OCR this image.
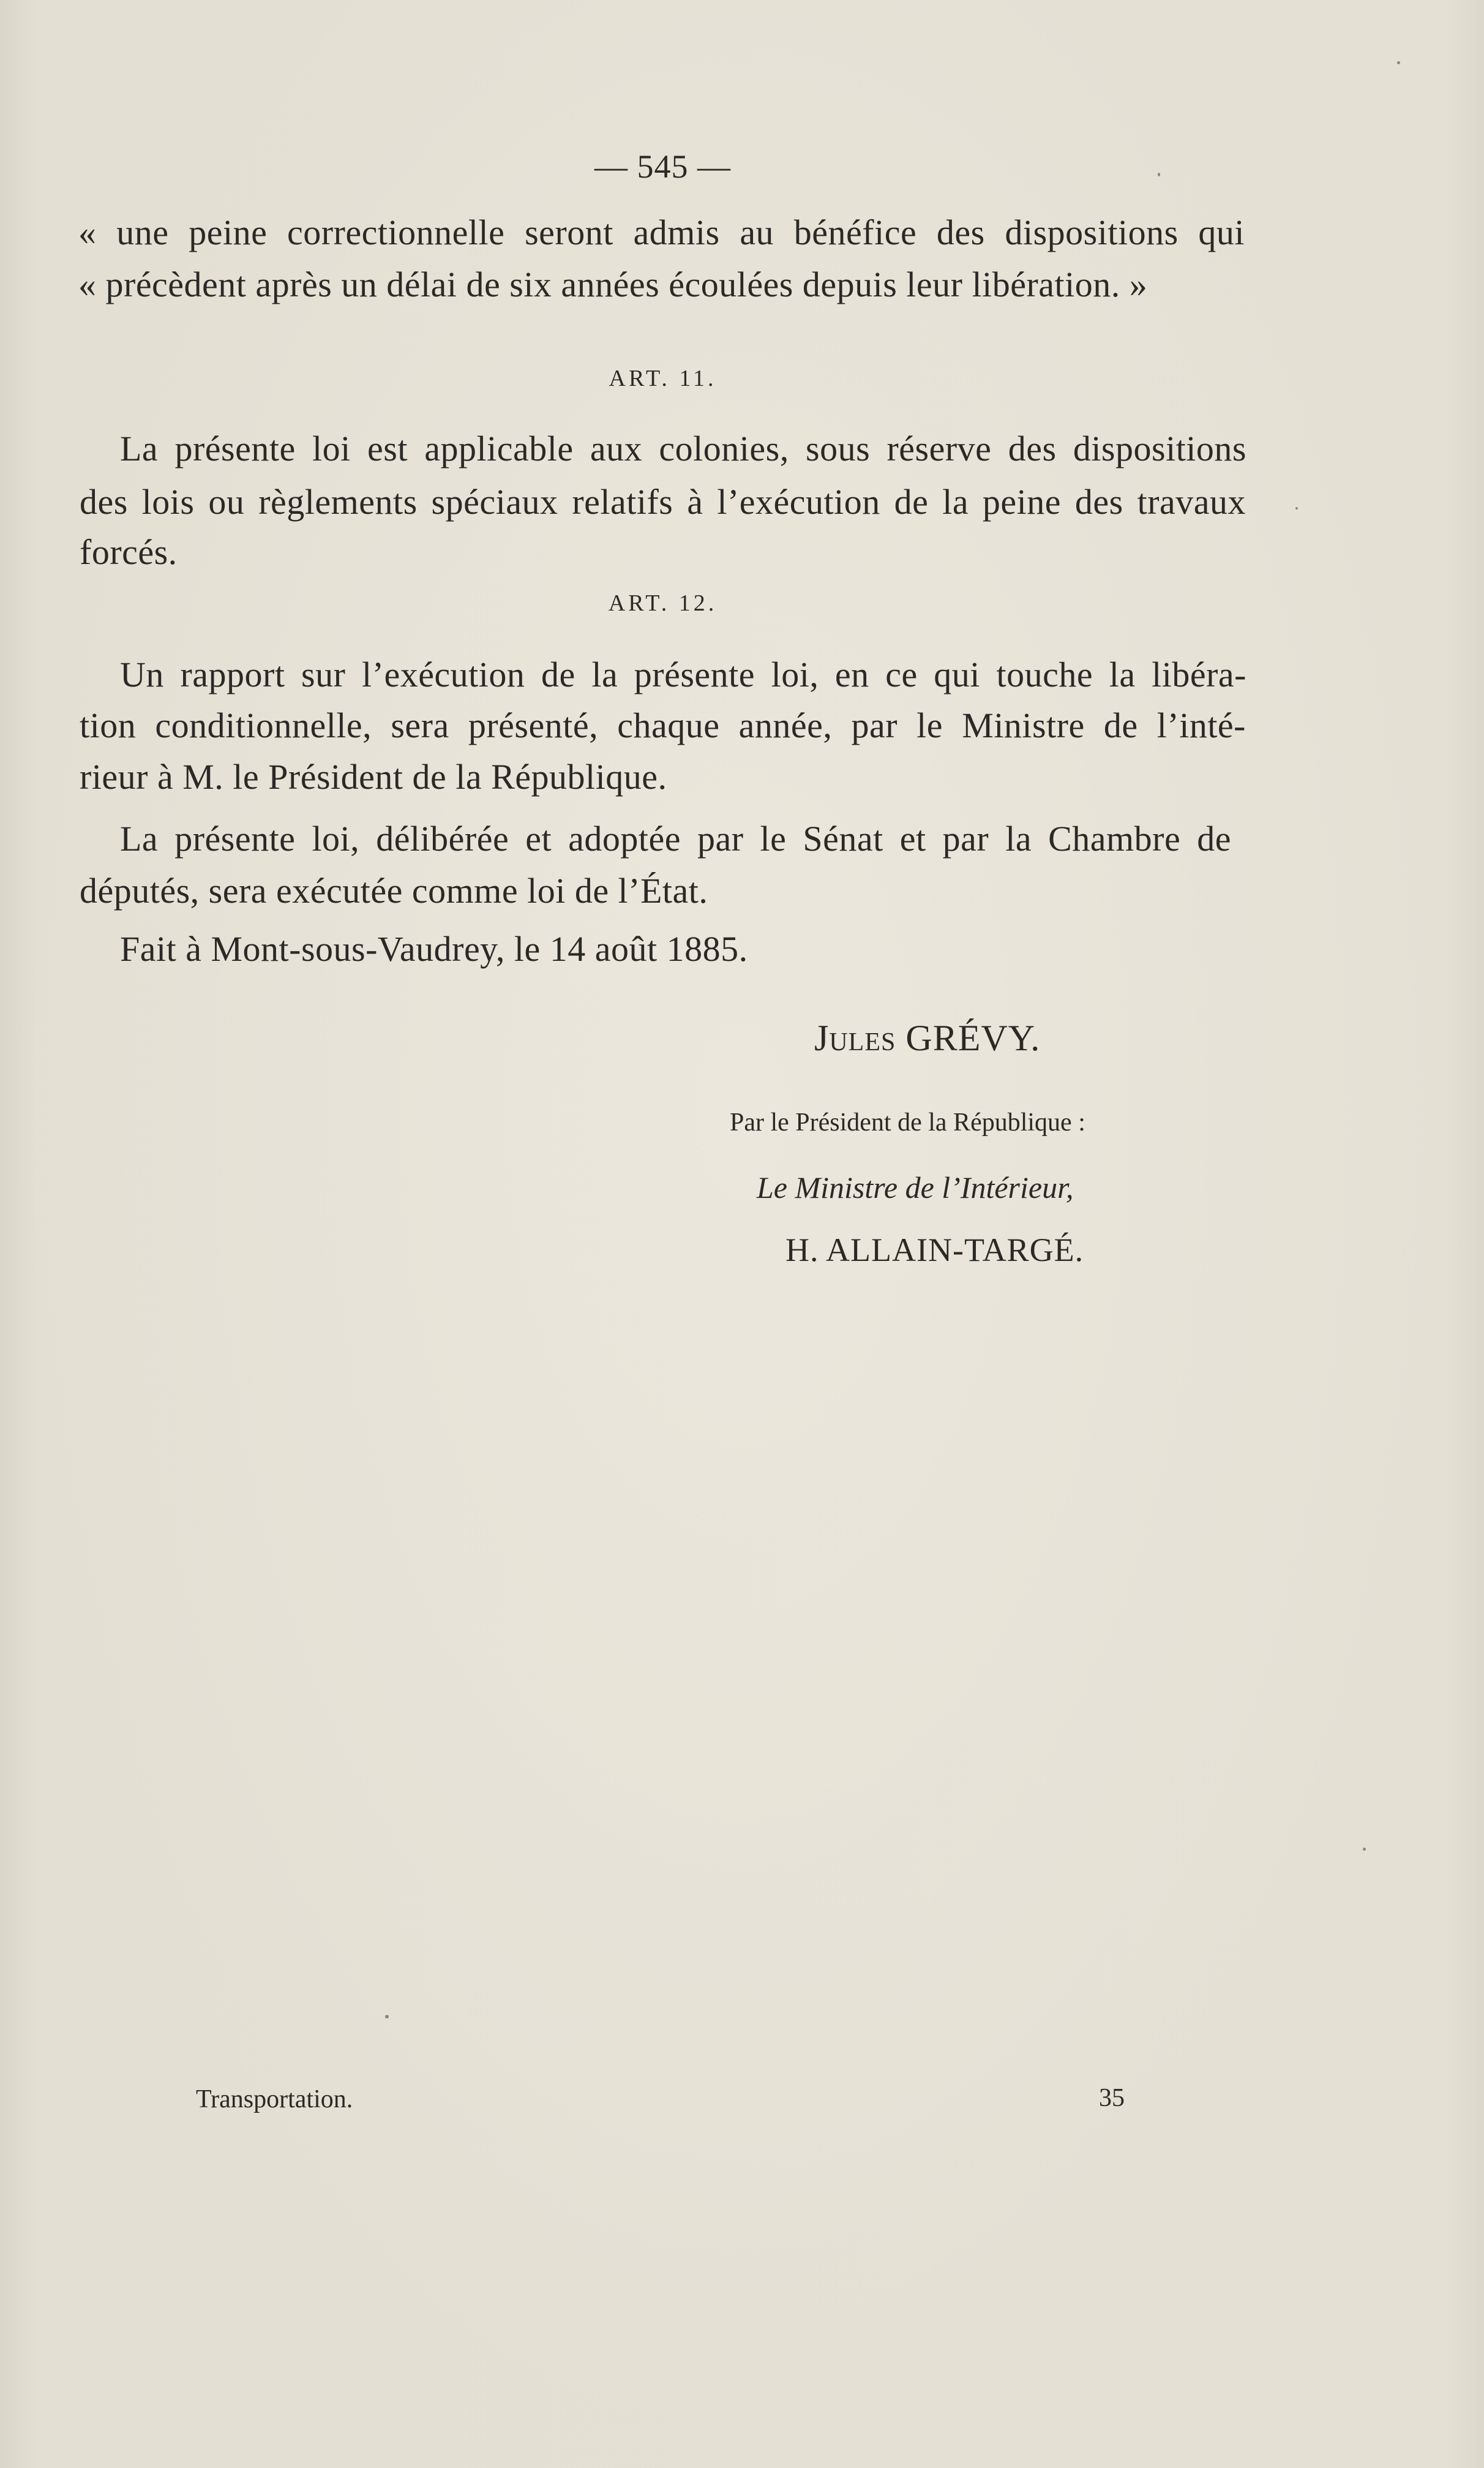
— 545 —
« une peine correctionnelle seront admis au bénéfice des dispositions qui
« précèdent après un délai de six années écoulées depuis leur libération. »
ART. 11.
La présente loi est applicable aux colonies, sous réserve des dispositions
des lois ou règlements spéciaux relatifs à l’exécution de la peine des travaux
forcés.
ART. 12.
Un rapport sur l’exécution de la présente loi, en ce qui touche la libéra-
tion conditionnelle, sera présenté, chaque année, par le Ministre de l’inté-
rieur à M. le Président de la République.
La présente loi, délibérée et adoptée par le Sénat et par la Chambre de
députés, sera exécutée comme loi de l’État.
Fait à Mont-sous-Vaudrey, le 14 août 1885.
Jules GRÉVY.
Par le Président de la République :
Le Ministre de l’Intérieur,
H. ALLAIN-TARGÉ.
Transportation.	35
